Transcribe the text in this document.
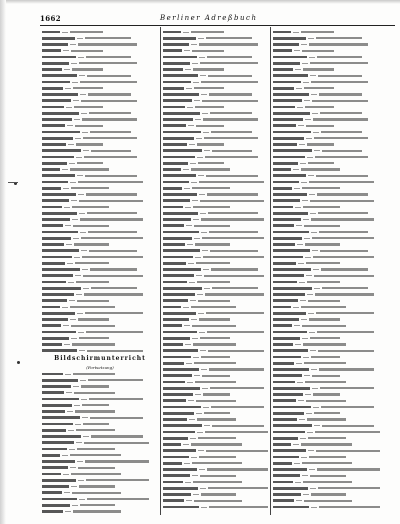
1662	Berliner Adreßbuch
Bildschirmunterricht
(Fortsetzung)
